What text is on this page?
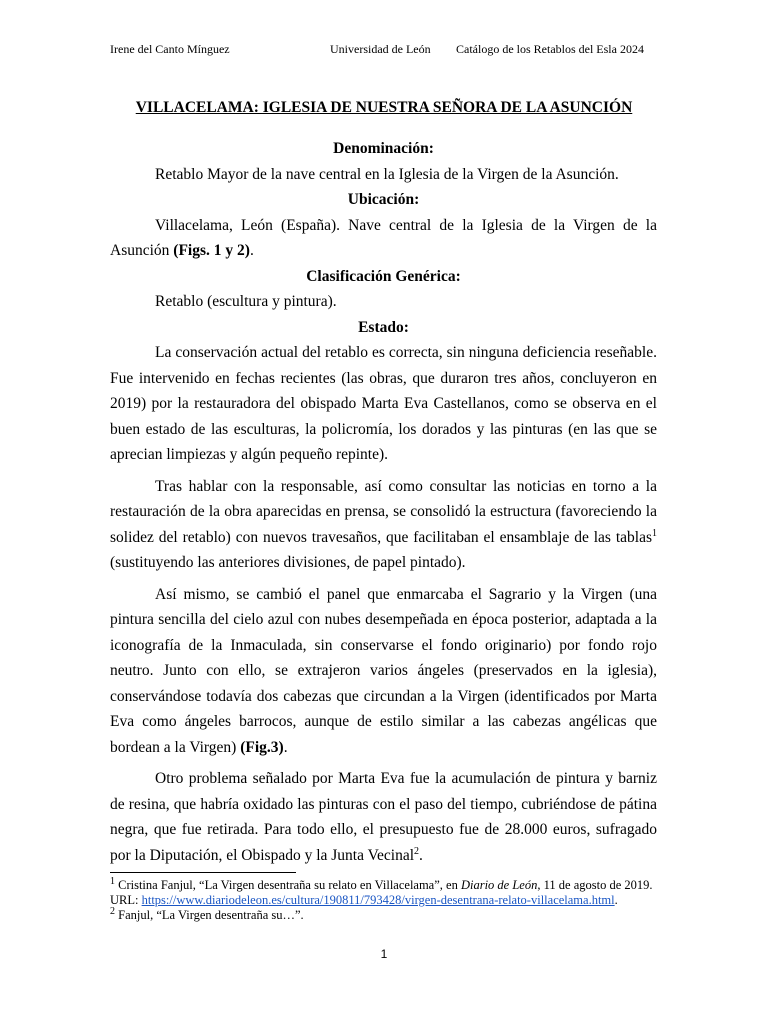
Irene del Canto Mínguez	Universidad de León Catálogo de los Retablos del Esla 2024
VILLACELAMA: IGLESIA DE NUESTRA SEÑORA DE LA ASUNCIÓN

Denominación:

Retablo Mayor de la nave central en la Iglesia de la Virgen de la Asunción.

Ubicación:

Villacelama, León (España). Nave central de la Iglesia de la Virgen de la Asunción (Figs. 1 y 2).

Clasificación Genérica:

Retablo (escultura y pintura).

Estado:

La conservación actual del retablo es correcta, sin ninguna deficiencia reseñable. Fue intervenido en fechas recientes (las obras, que duraron tres años, concluyeron en 2019) por la restauradora del obispado Marta Eva Castellanos, como se observa en el buen estado de las esculturas, la policromía, los dorados y las pinturas (en las que se aprecian limpiezas y algún pequeño repinte).

Tras hablar con la responsable, así como consultar las noticias en torno a la restauración de la obra aparecidas en prensa, se consolidó la estructura (favoreciendo la solidez del retablo) con nuevos travesaños, que facilitaban el ensamblaje de las tablas$^1$ (sustituyendo las anteriores divisiones, de papel pintado).

Así mismo, se cambió el panel que enmarcaba el Sagrario y la Virgen (una pintura sencilla del cielo azul con nubes desempeñada en época posterior, adaptada a la iconografía de la Inmaculada, sin conservarse el fondo originario) por fondo rojo neutro. Junto con ello, se extrajeron varios ángeles (preservados en la iglesia), conservándose todavía dos cabezas que circundan a la Virgen (identificados por Marta Eva como ángeles barrocos, aunque de estilo similar a las cabezas angélicas que bordean a la Virgen) (Fig.3).

Otro problema señalado por Marta Eva fue la acumulación de pintura y barniz de resina, que habría oxidado las pinturas con el paso del tiempo, cubriéndose de pátina negra, que fue retirada. Para todo ello, el presupuesto fue de 28.000 euros, sufragado por la Diputación, el Obispado y la Junta Vecinal$^2$.

$^1$ Cristina Fanjul, “La Virgen desentraña su relato en Villacelama”, en Diario de León, 11 de agosto de 2019. URL: https://www.diariodeleon.es/cultura/190811/793428/virgen-desentrana-relato-villacelama.html.

$^2$ Fanjul, “La Virgen desentraña su…”.

1
